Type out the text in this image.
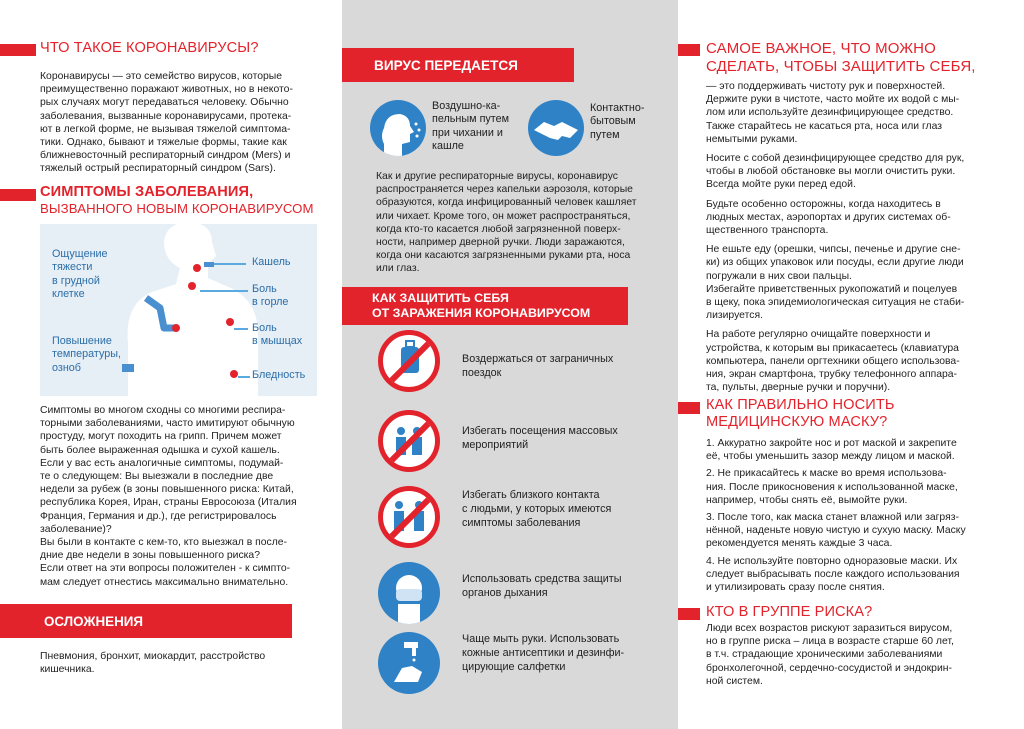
ЧТО ТАКОЕ КОРОНАВИРУСЫ?

Коронавирусы — это семейство вирусов, которые

преимущественно поражают животных, но в некото-

рых случаях могут передаваться человеку. Обычно

заболевания, вызванные коронавирусами, протека-

ют в легкой форме, не вызывая тяжелой симптома-

тики. Однако, бывают и тяжелые формы, такие как

ближневосточный респираторный синдром (Mers) и

тяжелый острый респираторный синдром (Sars).

СИМПТОМЫ ЗАБОЛЕВАНИЯ,
ВЫЗВАННОГО НОВЫМ КОРОНАВИРУСОМ
Ощущение
тяжести
в грудной
клетке
Повышение
температуры,
озноб
Кашель
Боль
в горле
Боль
в мышцах
Бледность

Симптомы во многом сходны со многими респира-

торными заболеваниями, часто имитируют обычную

простуду, могут походить на грипп. Причем может

быть более выраженная одышка и сухой кашель.

Если у вас есть аналогичные симптомы, подумай-

те о следующем: Вы выезжали в последние две

недели за рубеж (в зоны повышенного риска: Китай,

республика Корея, Иран, страны Евросоюза (Италия

Франция, Германия и др.), где регистрировалось

заболевание)?

Вы были в контакте с кем-то, кто выезжал в после-

дние две недели в зоны повышенного риска?

Если ответ на эти вопросы положителен - к симпто-

мам следует отнестись максимально внимательно.

ОСЛОЖНЕНИЯ

Пневмония, бронхит, миокардит, расстройство

кишечника.

ВИРУС ПЕРЕДАЕТСЯ
Воздушно-ка-
пельным путем
при чихании и
кашле
Контактно-
бытовым
путем

Как и другие респираторные вирусы, коронавирус

распространяется через капельки аэрозоля, которые

образуются, когда инфицированный человек кашляет

или чихает. Кроме того, он может распространяться,

когда кто-то касается любой загрязненной поверх-

ности, например дверной ручки. Люди заражаются,

когда они касаются загрязненными руками рта, носа

или глаз.

КАК ЗАЩИТИТЬ СЕБЯ
ОТ ЗАРАЖЕНИЯ КОРОНАВИРУСОМ
Воздержаться от заграничных
поездок
Избегать посещения массовых
мероприятий
Избегать близкого контакта
с людьми, у которых имеются
симптомы заболевания
Использовать средства защиты
органов дыхания
Чаще мыть руки. Использовать
кожные антисептики и дезинфи-
цирующие салфетки
САМОЕ ВАЖНОЕ, ЧТО МОЖНО
СДЕЛАТЬ, ЧТОБЫ ЗАЩИТИТЬ СЕБЯ,

— это поддерживать чистоту рук и поверхностей.

Держите руки в чистоте, часто мойте их водой с мы-

лом или используйте дезинфицирующее средство.

Также старайтесь не касаться рта, носа или глаз

немытыми руками.

Носите с собой дезинфицирующее средство для рук,

чтобы в любой обстановке вы могли очистить руки.

Всегда мойте руки перед едой.

Будьте особенно осторожны, когда находитесь в

людных местах, аэропортах и других системах об-

щественного транспорта.

Не ешьте еду (орешки, чипсы, печенье и другие сне-

ки) из общих упаковок или посуды, если другие люди

погружали в них свои пальцы.

Избегайте приветственных рукопожатий и поцелуев

в щеку, пока эпидемиологическая ситуация не стаби-

лизируется.

На работе регулярно очищайте поверхности и

устройства, к которым вы прикасаетесь (клавиатура

компьютера, панели оргтехники общего использова-

ния, экран смартфона, трубку телефонного аппара-

та, пульты, дверные ручки и поручни).

КАК ПРАВИЛЬНО НОСИТЬ
МЕДИЦИНСКУЮ МАСКУ?

1. Аккуратно закройте нос и рот маской и закрепите

её, чтобы уменьшить зазор между лицом и маской.

2. Не прикасайтесь к маске во время использова-

ния. После прикосновения к использованной маске,

например, чтобы снять её, вымойте руки.

3. После того, как маска станет влажной или загряз-

нённой, наденьте новую чистую и сухую маску. Маску

рекомендуется менять каждые 3 часа.

4. Не используйте повторно одноразовые маски. Их

следует выбрасывать после каждого использования

и утилизировать сразу после снятия.

КТО В ГРУППЕ РИСКА?

Люди всех возрастов рискуют заразиться вирусом,

но в группе риска – лица в возрасте старше 60 лет,

в т.ч. страдающие хроническими заболеваниями

бронхолегочной, сердечно-сосудистой и эндокрин-

ной систем.
